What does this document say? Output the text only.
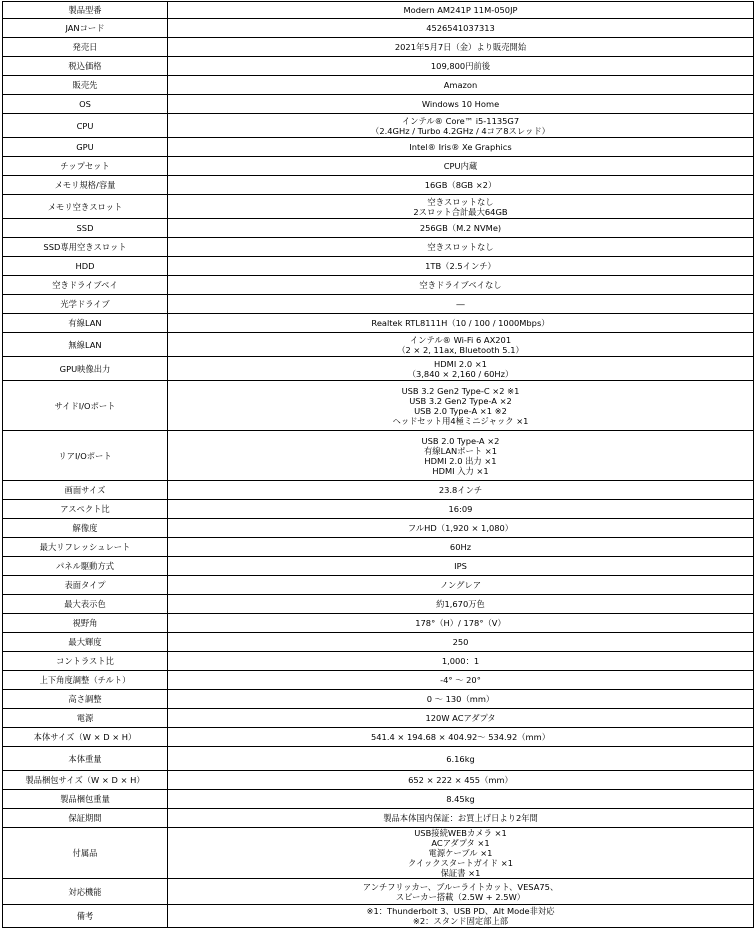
製品型番	Modern AM241P 11M-050JP

JANコード	4526541037313

発売日	2021年5月7日（金）より販売開始

税込価格	109,800円前後

販売先	Amazon

OS	Windows 10 Home

CPU	インテル® Core™ i5-1135G7
（2.4GHz / Turbo 4.2GHz / 4コア8スレッド）

GPU	Intel® Iris® Xe Graphics

チップセット	CPU内蔵

メモリ規格/容量	16GB（8GB ×2）

メモリ空きスロット	空きスロットなし
2スロット合計最大64GB

SSD	256GB（M.2 NVMe)

SSD専用空きスロット	空きスロットなし

HDD	1TB（2.5インチ）

空きドライブベイ	空きドライブベイなし

光学ドライブ	―

有線LAN	Realtek RTL8111H（10 / 100 / 1000Mbps）

無線LAN	インテル® Wi-Fi 6 AX201
（2 × 2, 11ax, Bluetooth 5.1）

GPU映像出力	HDMI 2.0 ×1
（3,840 × 2,160 / 60Hz）

サイドI/Oポート	USB 3.2 Gen2 Type-C ×2 ※1
USB 3.2 Gen2 Type-A ×2
USB 2.0 Type-A ×1 ※2
ヘッドセット用4極ミニジャック ×1

リアI/Oポート	USB 2.0 Type-A ×2
有線LANポート ×1
HDMI 2.0 出力 ×1
HDMI 入力 ×1

画面サイズ	23.8インチ

アスペクト比	16:09

解像度	フルHD（1,920 × 1,080）

最大リフレッシュレート	60Hz

パネル駆動方式	IPS

表面タイプ	ノングレア

最大表示色	約1,670万色

視野角	178°（H）/ 178°（V）

最大輝度	250

コントラスト比	1,000：1

上下角度調整（チルト）	-4° 〜 20°

高さ調整	0 〜 130（mm）

電源	120W ACアダプタ

本体サイズ（W × D × H）	541.4 × 194.68 × 404.92〜 534.92（mm）

本体重量	6.16kg

製品梱包サイズ（W × D × H）	652 × 222 × 455（mm）

製品梱包重量	8.45kg

保証期間	製品本体国内保証：お買上げ日より2年間

付属品	USB接続WEBカメラ ×1
ACアダプタ ×1
電源ケーブル ×1
クイックスタートガイド ×1
保証書 ×1

対応機能	アンチフリッカー、ブルーライトカット、VESA75、
スピーカー搭載（2.5W + 2.5W）

備考	※1：Thunderbolt 3、USB PD、Alt Mode非対応
※2：スタンド固定部上部
